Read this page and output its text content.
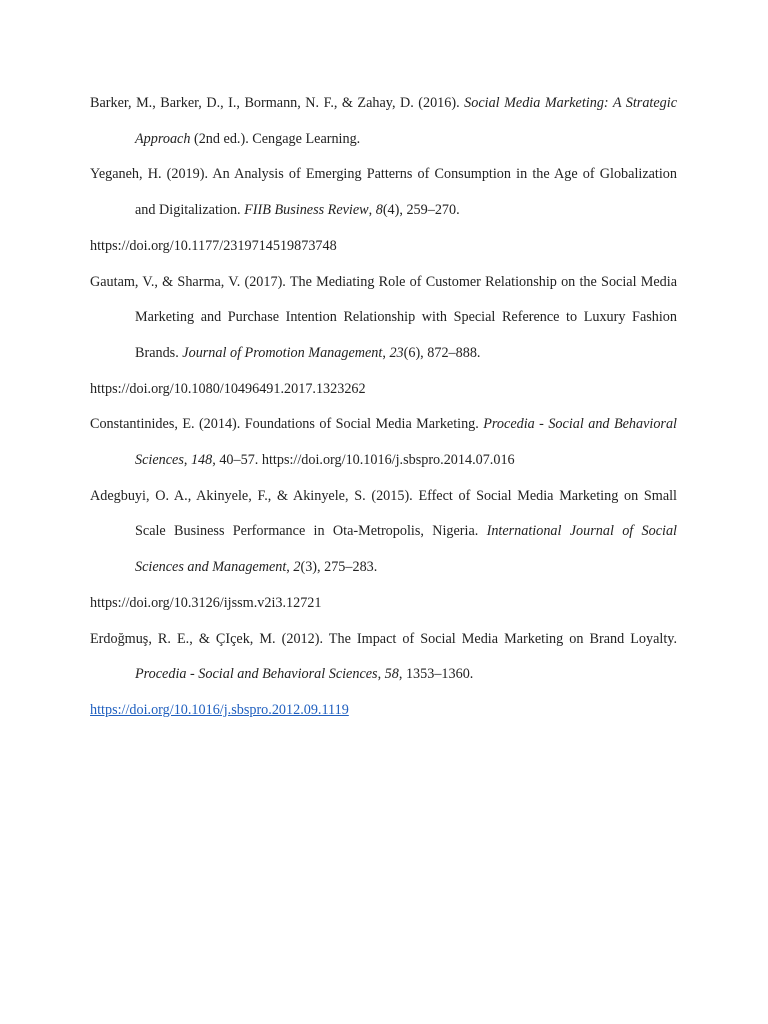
Barker, M., Barker, D., I., Bormann, N. F., & Zahay, D. (2016). Social Media Marketing: A Strategic Approach (2nd ed.). Cengage Learning.

Yeganeh, H. (2019). An Analysis of Emerging Patterns of Consumption in the Age of Globalization and Digitalization. FIIB Business Review, 8(4), 259–270.
https://doi.org/10.1177/2319714519873748

Gautam, V., & Sharma, V. (2017). The Mediating Role of Customer Relationship on the Social Media Marketing and Purchase Intention Relationship with Special Reference to Luxury Fashion Brands. Journal of Promotion Management, 23(6), 872–888.
https://doi.org/10.1080/10496491.2017.1323262

Constantinides, E. (2014). Foundations of Social Media Marketing. Procedia - Social and Behavioral Sciences, 148, 40–57. https://doi.org/10.1016/j.sbspro.2014.07.016

Adegbuyi, O. A., Akinyele, F., & Akinyele, S. (2015). Effect of Social Media Marketing on Small Scale Business Performance in Ota-Metropolis, Nigeria. International Journal of Social Sciences and Management, 2(3), 275–283.
https://doi.org/10.3126/ijssm.v2i3.12721

Erdoğmuş, R. E., & ÇIçek, M. (2012). The Impact of Social Media Marketing on Brand Loyalty. Procedia - Social and Behavioral Sciences, 58, 1353–1360.
https://doi.org/10.1016/j.sbspro.2012.09.1119
